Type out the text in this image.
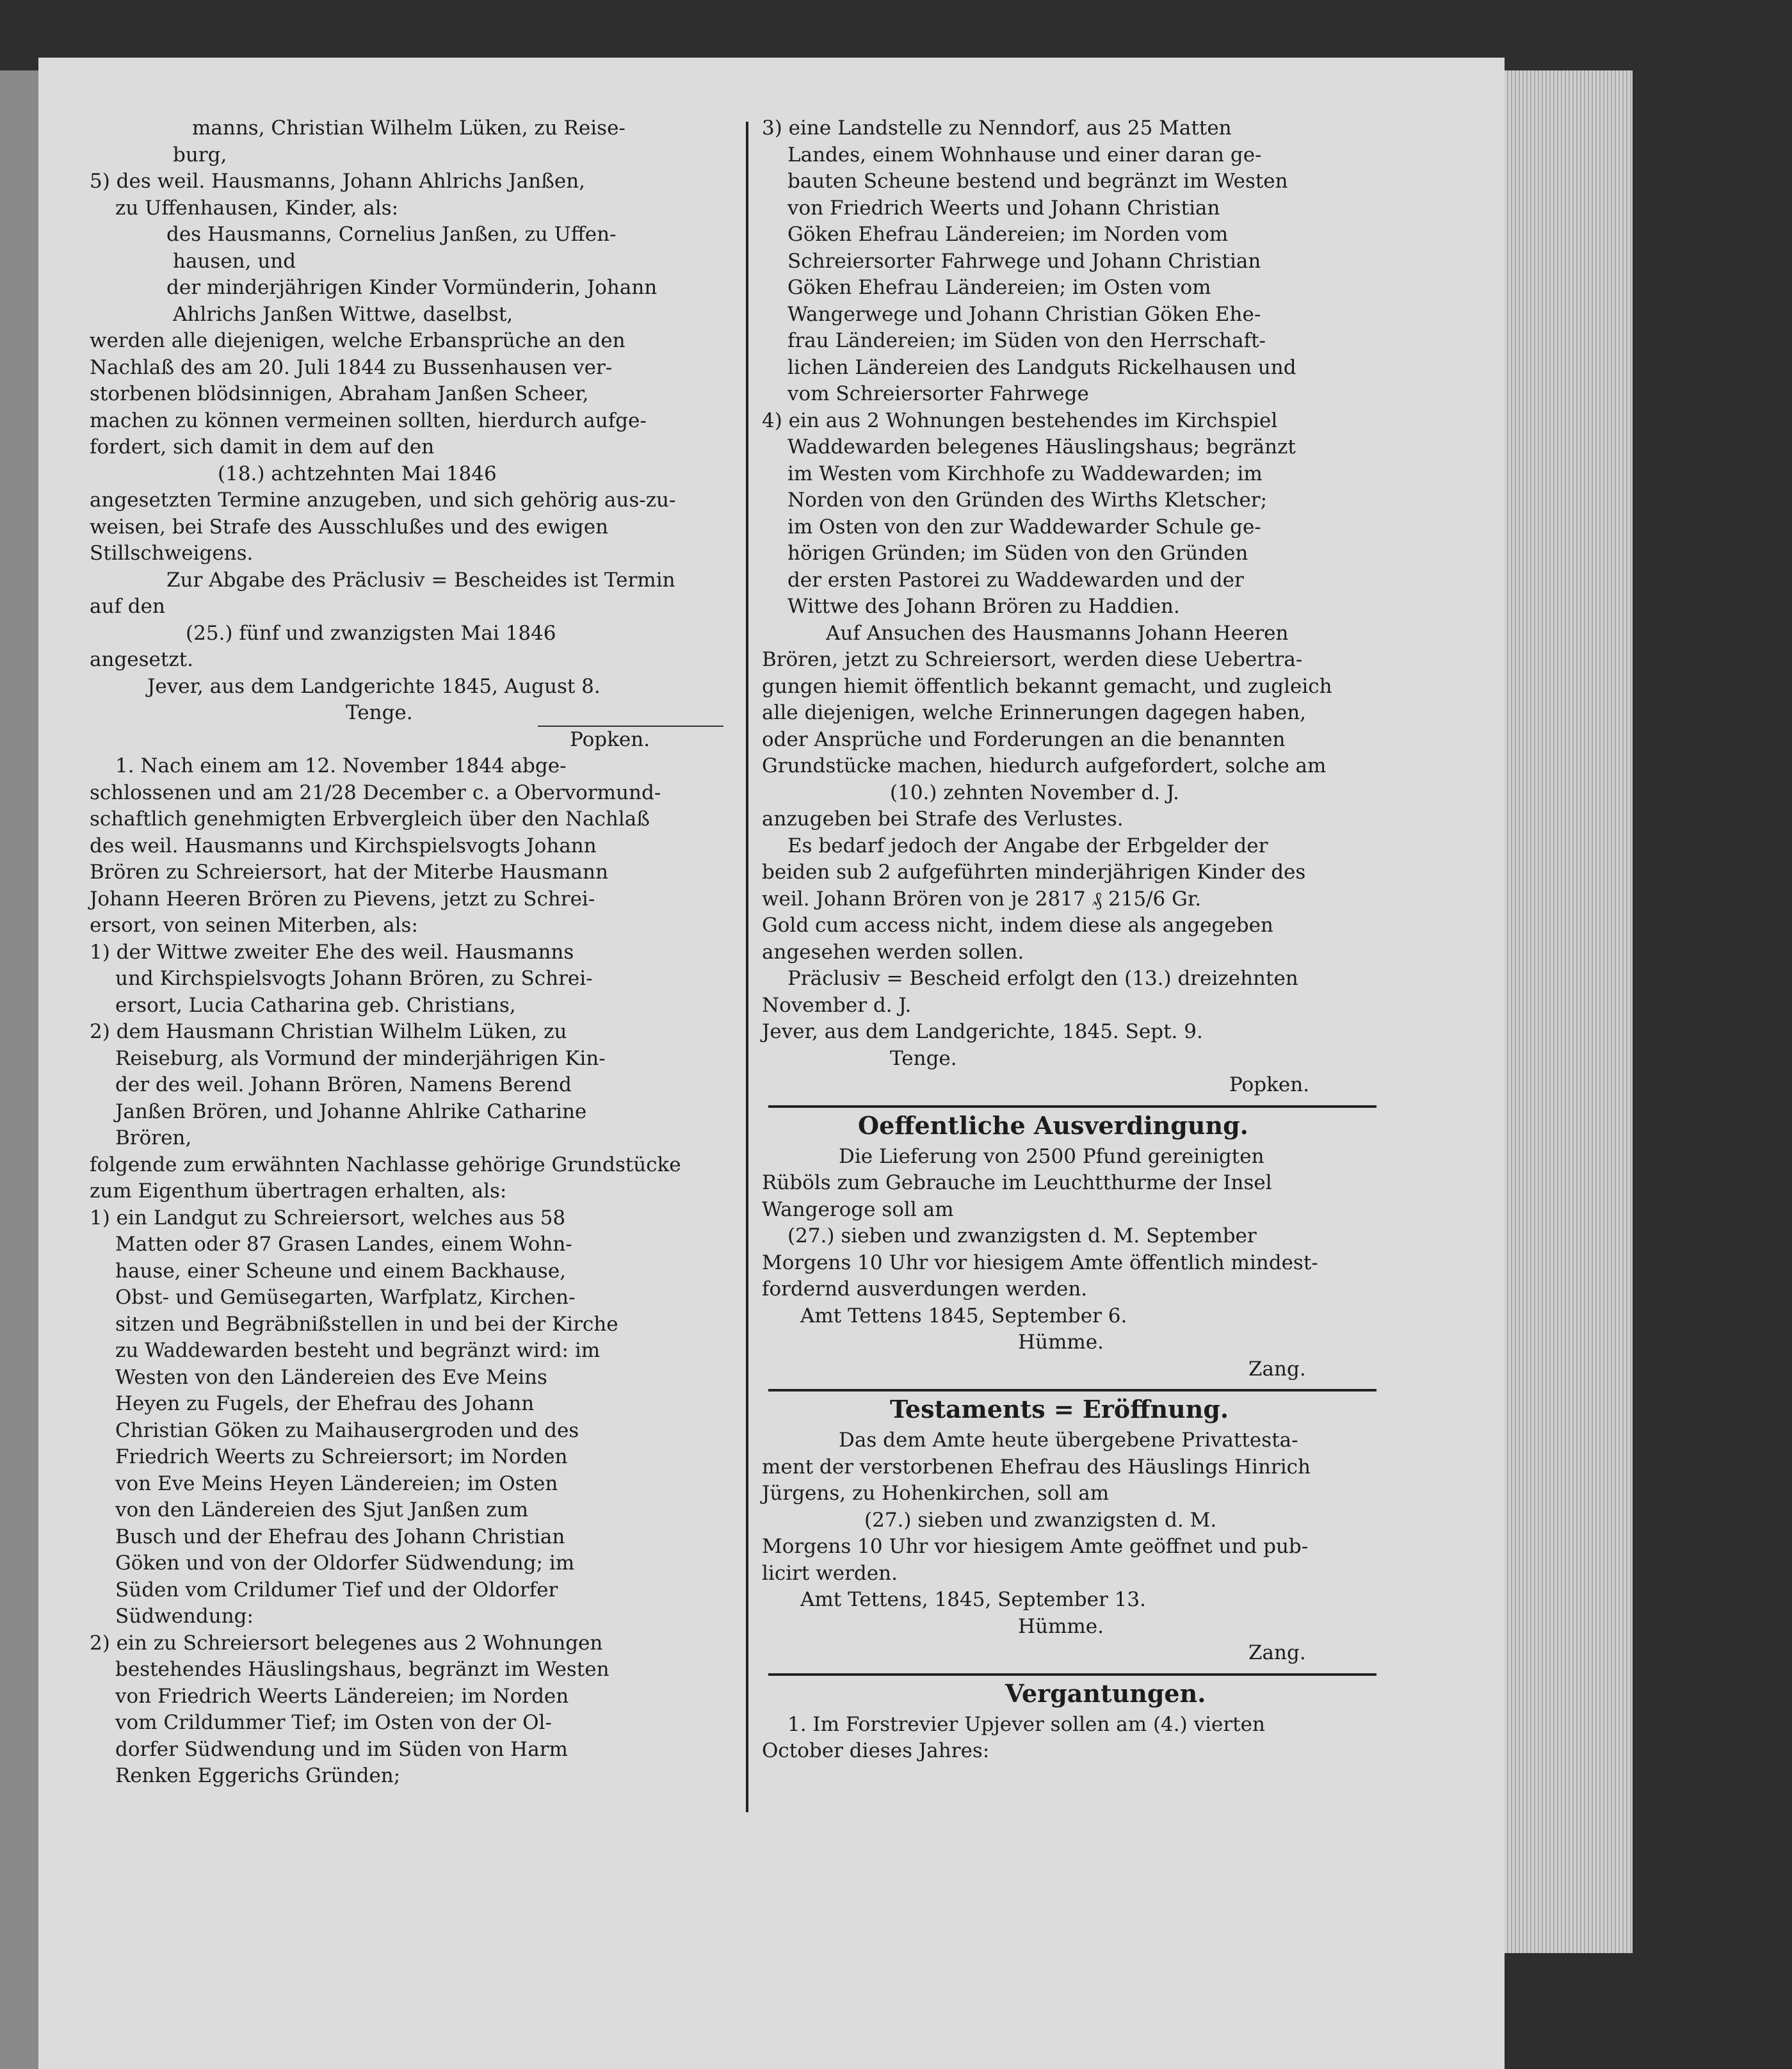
manns, Christian Wilhelm Lüken, zu Reise-
burg,
5) des weil. Hausmanns, Johann Ahlrichs Janßen,
zu Uffenhausen, Kinder, als:
des Hausmanns, Cornelius Janßen, zu Uffen-
hausen, und
der minderjährigen Kinder Vormünderin, Johann
Ahlrichs Janßen Wittwe, daselbst,
werden alle diejenigen, welche Erbansprüche an den
Nachlaß des am 20. Juli 1844 zu Bussenhausen ver-
storbenen blödsinnigen, Abraham Janßen Scheer,
machen zu können vermeinen sollten, hierdurch aufge-
fordert, sich damit in dem auf den
(18.) achtzehnten Mai 1846
angesetzten Termine anzugeben, und sich gehörig aus-zu-
weisen, bei Strafe des Ausschlußes und des ewigen
Stillschweigens.
Zur Abgabe des Präclusiv = Bescheides ist Termin
auf den
(25.) fünf und zwanzigsten Mai 1846
angesetzt.
Jever, aus dem Landgerichte 1845, August 8.
Tenge.
Popken.
1. Nach einem am 12. November 1844 abge-
schlossenen und am 21/28 December c. a Obervormund-
schaftlich genehmigten Erbvergleich über den Nachlaß
des weil. Hausmanns und Kirchspielsvogts Johann
Brören zu Schreiersort, hat der Miterbe Hausmann
Johann Heeren Brören zu Pievens, jetzt zu Schrei-
ersort, von seinen Miterben, als:
1) der Wittwe zweiter Ehe des weil. Hausmanns
und Kirchspielsvogts Johann Brören, zu Schrei-
ersort, Lucia Catharina geb. Christians,
2) dem Hausmann Christian Wilhelm Lüken, zu
Reiseburg, als Vormund der minderjährigen Kin-
der des weil. Johann Brören, Namens Berend
Janßen Brören, und Johanne Ahlrike Catharine
Brören,
folgende zum erwähnten Nachlasse gehörige Grundstücke
zum Eigenthum übertragen erhalten, als:
1) ein Landgut zu Schreiersort, welches aus 58
Matten oder 87 Grasen Landes, einem Wohn-
hause, einer Scheune und einem Backhause,
Obst- und Gemüsegarten, Warfplatz, Kirchen-
sitzen und Begräbnißstellen in und bei der Kirche
zu Waddewarden besteht und begränzt wird: im
Westen von den Ländereien des Eve Meins
Heyen zu Fugels, der Ehefrau des Johann
Christian Göken zu Maihausergroden und des
Friedrich Weerts zu Schreiersort; im Norden
von Eve Meins Heyen Ländereien; im Osten
von den Ländereien des Sjut Janßen zum
Busch und der Ehefrau des Johann Christian
Göken und von der Oldorfer Südwendung; im
Süden vom Crildumer Tief und der Oldorfer
Südwendung:
2) ein zu Schreiersort belegenes aus 2 Wohnungen
bestehendes Häuslingshaus, begränzt im Westen
von Friedrich Weerts Ländereien; im Norden
vom Crildummer Tief; im Osten von der Ol-
dorfer Südwendung und im Süden von Harm
Renken Eggerichs Gründen;
3) eine Landstelle zu Nenndorf, aus 25 Matten
Landes, einem Wohnhause und einer daran ge-
bauten Scheune bestend und begränzt im Westen
von Friedrich Weerts und Johann Christian
Göken Ehefrau Ländereien; im Norden vom
Schreiersorter Fahrwege und Johann Christian
Göken Ehefrau Ländereien; im Osten vom
Wangerwege und Johann Christian Göken Ehe-
frau Ländereien; im Süden von den Herrschaft-
lichen Ländereien des Landguts Rickelhausen und
vom Schreiersorter Fahrwege
4) ein aus 2 Wohnungen bestehendes im Kirchspiel
Waddewarden belegenes Häuslingshaus; begränzt
im Westen vom Kirchhofe zu Waddewarden; im
Norden von den Gründen des Wirths Kletscher;
im Osten von den zur Waddewarder Schule ge-
hörigen Gründen; im Süden von den Gründen
der ersten Pastorei zu Waddewarden und der
Wittwe des Johann Brören zu Haddien.
Auf Ansuchen des Hausmanns Johann Heeren
Brören, jetzt zu Schreiersort, werden diese Uebertra-
gungen hiemit öffentlich bekannt gemacht, und zugleich
alle diejenigen, welche Erinnerungen dagegen haben,
oder Ansprüche und Forderungen an die benannten
Grundstücke machen, hiedurch aufgefordert, solche am
(10.) zehnten November d. J.
anzugeben bei Strafe des Verlustes.
Es bedarf jedoch der Angabe der Erbgelder der
beiden sub 2 aufgeführten minderjährigen Kinder des
weil. Johann Brören von je 2817 ₰ 215/6 Gr.
Gold cum access nicht, indem diese als angegeben
angesehen werden sollen.
Präclusiv = Bescheid erfolgt den (13.) dreizehnten
November d. J.
Jever, aus dem Landgerichte, 1845. Sept. 9.
Tenge.
Popken.
Oeffentliche Ausverdingung.
Die Lieferung von 2500 Pfund gereinigten
Rüböls zum Gebrauche im Leuchtthurme der Insel
Wangeroge soll am
(27.) sieben und zwanzigsten d. M. September
Morgens 10 Uhr vor hiesigem Amte öffentlich mindest-
fordernd ausverdungen werden.
Amt Tettens 1845, September 6.
Hümme.
Zang.
Testaments = Eröffnung.
Das dem Amte heute übergebene Privattesta-
ment der verstorbenen Ehefrau des Häuslings Hinrich
Jürgens, zu Hohenkirchen, soll am
(27.) sieben und zwanzigsten d. M.
Morgens 10 Uhr vor hiesigem Amte geöffnet und pub-
licirt werden.
Amt Tettens, 1845, September 13.
Hümme.
Zang.
Vergantungen.
1. Im Forstrevier Upjever sollen am (4.) vierten
October dieses Jahres:
